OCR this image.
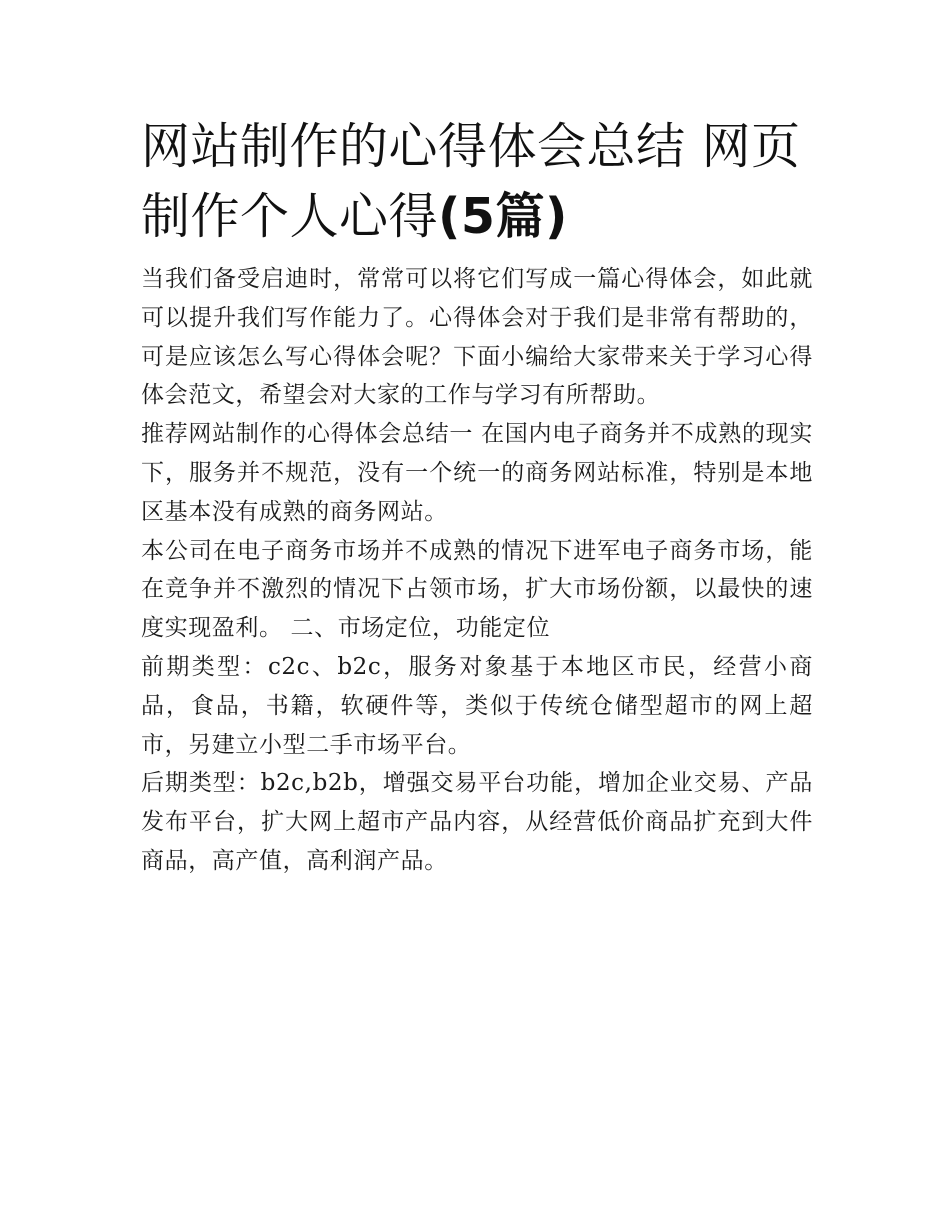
网站制作的心得体会总结 网页制作个人心得(5篇)

当我们备受启迪时，常常可以将它们写成一篇心得体会，如此就可以提升我们写作能力了。心得体会对于我们是非常有帮助的，可是应该怎么写心得体会呢？下面小编给大家带来关于学习心得体会范文，希望会对大家的工作与学习有所帮助。

推荐网站制作的心得体会总结一 在国内电子商务并不成熟的现实下，服务并不规范，没有一个统一的商务网站标准，特别是本地区基本没有成熟的商务网站。

本公司在电子商务市场并不成熟的情况下进军电子商务市场，能在竞争并不激烈的情况下占领市场，扩大市场份额，以最快的速度实现盈利。 二、市场定位，功能定位

前期类型：c2c、b2c，服务对象基于本地区市民，经营小商品，食品，书籍，软硬件等，类似于传统仓储型超市的网上超市，另建立小型二手市场平台。

后期类型：b2c,b2b，增强交易平台功能，增加企业交易、产品发布平台，扩大网上超市产品内容，从经营低价商品扩充到大件商品，高产值，高利润产品。
